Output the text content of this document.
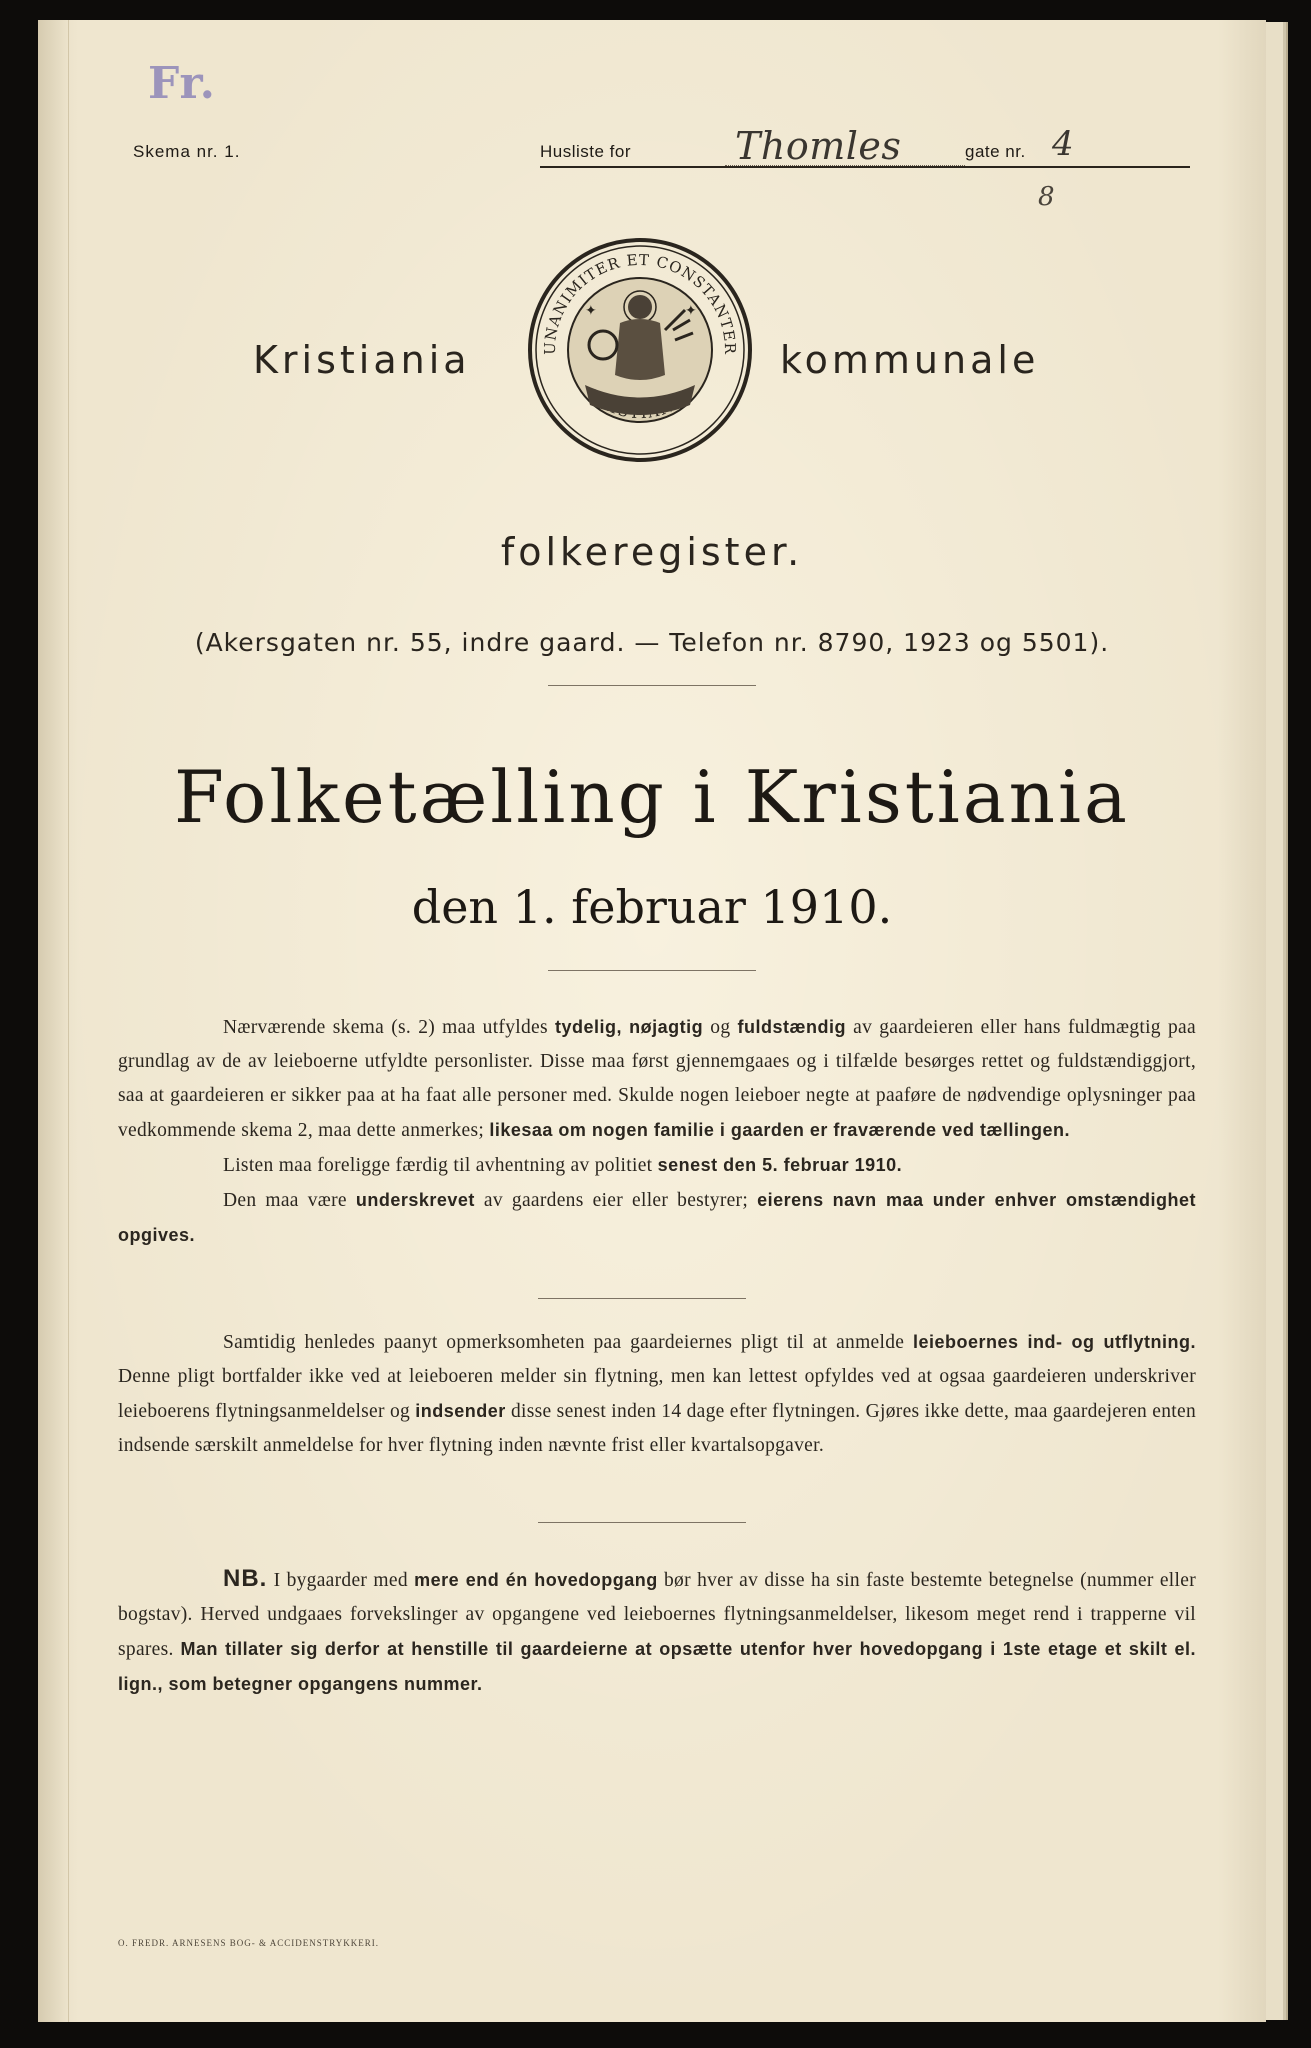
Fr.
Skema nr. 1.	Husliste for	Thomles	gate nr. 4
8
Kristiania	UNANIMITER ET CONSTANTER
✦	✦
kommunale
folkeregister.
(Akersgaten nr. 55, indre gaard. — Telefon nr. 8790, 1923 og 5501).
Folketælling i Kristiania
den 1. februar 1910.

Nærværende skema (s. 2) maa utfyldes tydelig, nøjagtig og fuldstændig av gaardeieren eller hans fuldmægtig paa grundlag av de av leieboerne utfyldte personlister. Disse maa først gjennemgaaes og i tilfælde besørges rettet og fuldstændiggjort, saa at gaardeieren er sikker paa at ha faat alle personer med. Skulde nogen leieboer negte at paaføre de nødvendige oplysninger paa vedkommende skema 2, maa dette anmerkes; likesaa om nogen familie i gaarden er fraværende ved tællingen.

Listen maa foreligge færdig til avhentning av politiet senest den 5. februar 1910.

Den maa være underskrevet av gaardens eier eller bestyrer; eierens navn maa under enhver omstændighet opgives.

Samtidig henledes paanyt opmerksomheten paa gaardeiernes pligt til at anmelde leieboernes ind- og utflytning. Denne pligt bortfalder ikke ved at leieboeren melder sin flytning, men kan lettest opfyldes ved at ogsaa gaardeieren underskriver leieboerens flytningsanmeldelser og indsender disse senest inden 14 dage efter flytningen. Gjøres ikke dette, maa gaardejeren enten indsende særskilt anmeldelse for hver flytning inden nævnte frist eller kvartalsopgaver.

NB. I bygaarder med mere end én hovedopgang bør hver av disse ha sin faste bestemte betegnelse (nummer eller bogstav). Herved undgaaes forvekslinger av opgangene ved leieboernes flytningsanmeldelser, likesom meget rend i trapperne vil spares. Man tillater sig derfor at henstille til gaardeierne at opsætte utenfor hver hovedopgang i 1ste etage et skilt el. lign., som betegner opgangens nummer.

O. FREDR. ARNESENS BOG- & ACCIDENSTRYKKERI.
